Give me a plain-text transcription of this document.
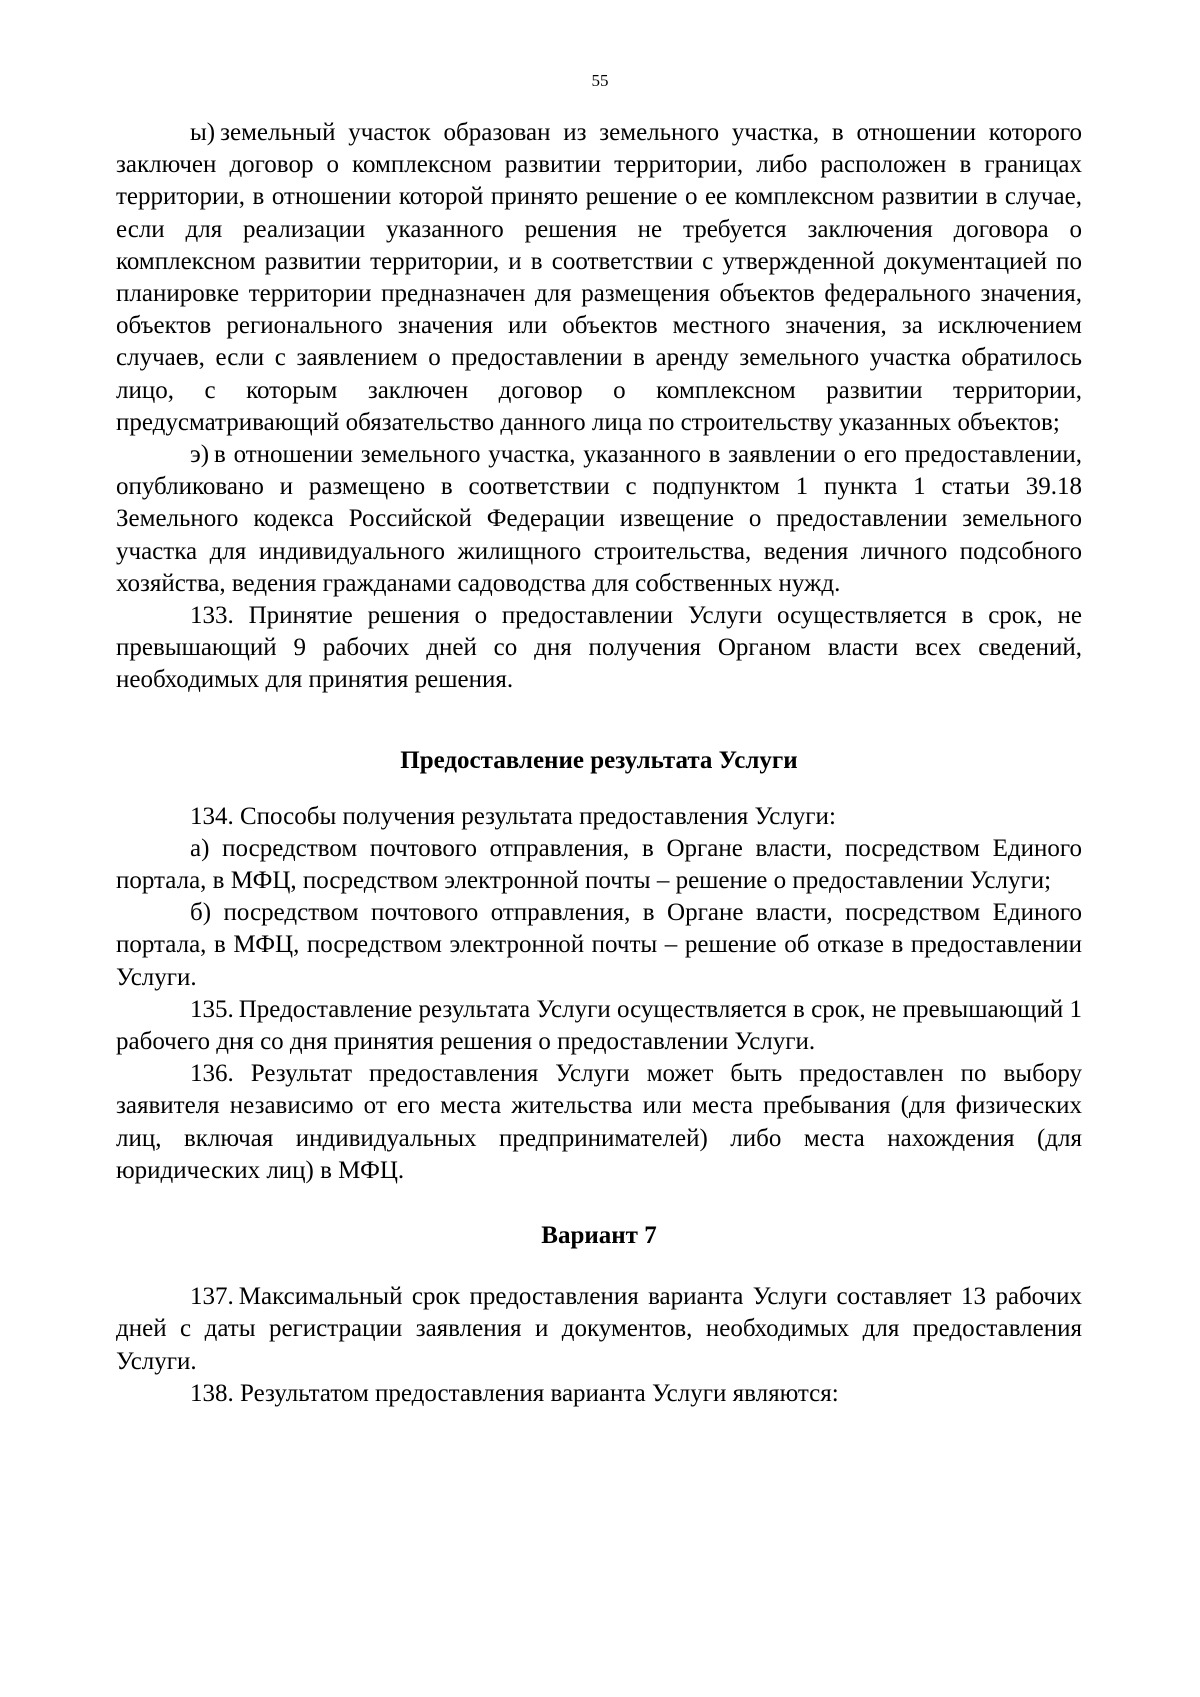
55

ы) земельный участок образован из земельного участка, в отношении которого заключен договор о комплексном развитии территории, либо расположен в границах территории, в отношении которой принято решение о ее комплексном развитии в случае, если для реализации указанного решения не требуется заключения договора о комплексном развитии территории, и в соответствии с утвержденной документацией по планировке территории предназначен для размещения объектов федерального значения, объектов регионального значения или объектов местного значения, за исключением случаев, если с заявлением о предоставлении в аренду земельного участка обратилось лицо, с которым заключен договор о комплексном развитии территории, предусматривающий обязательство данного лица по строительству указанных объектов;

э) в отношении земельного участка, указанного в заявлении о его предоставлении, опубликовано и размещено в соответствии с подпунктом 1 пункта 1 статьи 39.18 Земельного кодекса Российской Федерации извещение о предоставлении земельного участка для индивидуального жилищного строительства, ведения личного подсобного хозяйства, ведения гражданами садоводства для собственных нужд.

133. Принятие решения о предоставлении Услуги осуществляется в срок, не превышающий 9 рабочих дней со дня получения Органом власти всех сведений, необходимых для принятия решения.

Предоставление результата Услуги

134. Способы получения результата предоставления Услуги:

а) посредством почтового отправления, в Органе власти, посредством Единого портала, в МФЦ, посредством электронной почты – решение о предоставлении Услуги;

б) посредством почтового отправления, в Органе власти, посредством Единого портала, в МФЦ, посредством электронной почты – решение об отказе в предоставлении Услуги.

135. Предоставление результата Услуги осуществляется в срок, не превышающий 1 рабочего дня со дня принятия решения о предоставлении Услуги.

136. Результат предоставления Услуги может быть предоставлен по выбору заявителя независимо от его места жительства или места пребывания (для физических лиц, включая индивидуальных предпринимателей) либо места нахождения (для юридических лиц) в МФЦ.

Вариант 7

137. Максимальный срок предоставления варианта Услуги составляет 13 рабочих дней с даты регистрации заявления и документов, необходимых для предоставления Услуги.

138. Результатом предоставления варианта Услуги являются:
